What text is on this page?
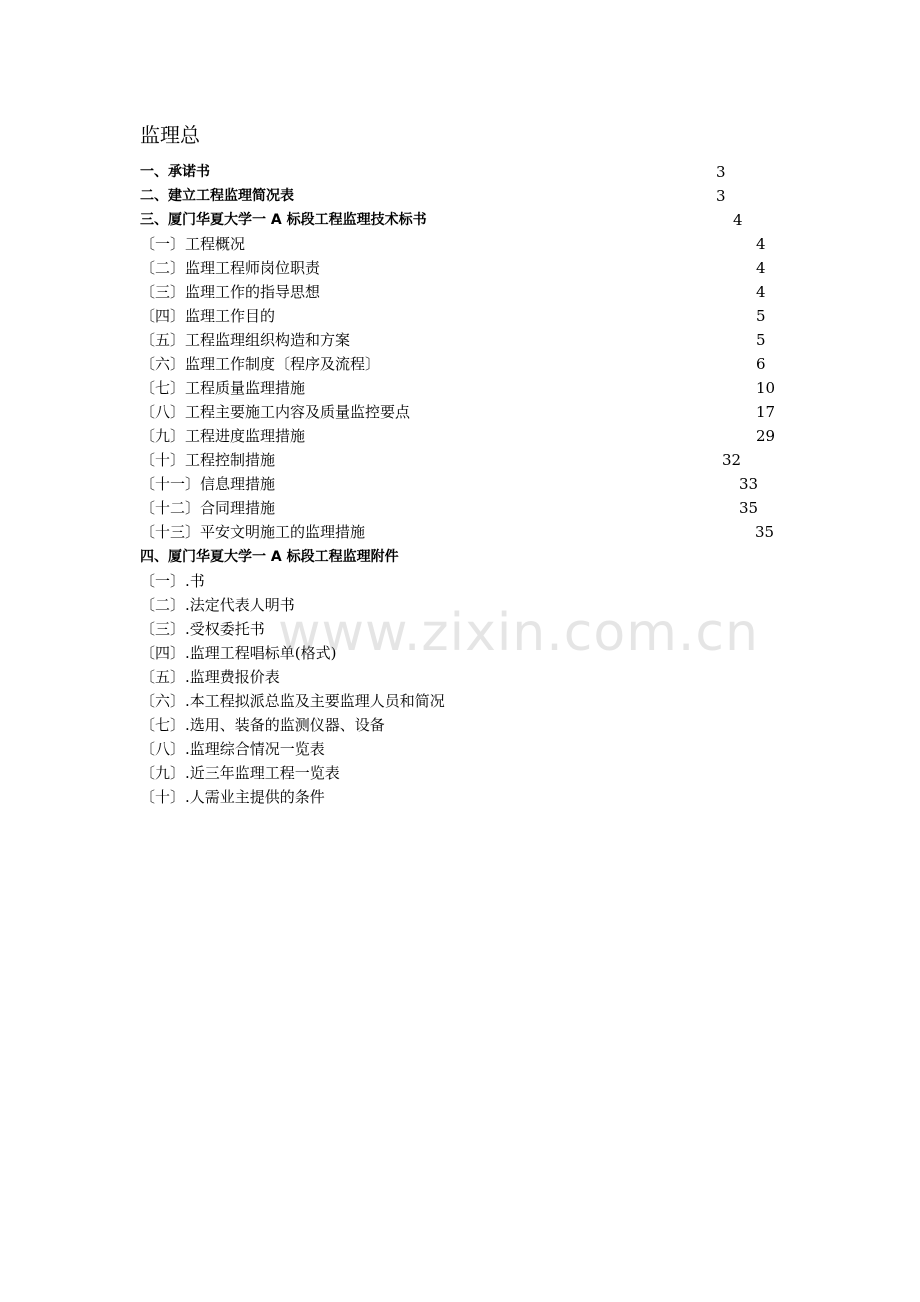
监理总
一、承诺书	3
二、建立工程监理简况表	3
三、厦门华夏大学一 A 标段工程监理技术标书	4
〔一〕工程概况	4
〔二〕监理工程师岗位职责	4
〔三〕监理工作的指导思想	4
〔四〕监理工作目的	5
〔五〕工程监理组织构造和方案	5
〔六〕监理工作制度〔程序及流程〕	6
〔七〕工程质量监理措施	10
〔八〕工程主要施工内容及质量监控要点	17
〔九〕工程进度监理措施	29
〔十〕工程控制措施	32
〔十一〕信息理措施	33
〔十二〕合同理措施	35
〔十三〕平安文明施工的监理措施	35
四、厦门华夏大学一 A 标段工程监理附件
〔一〕.书
〔二〕.法定代表人明书
〔三〕.受权委托书
〔四〕.监理工程唱标单(格式)
〔五〕.监理费报价表
〔六〕.本工程拟派总监及主要监理人员和简况
〔七〕.选用、装备的监测仪器、设备
〔八〕.监理综合情况一览表
〔九〕.近三年监理工程一览表
〔十〕.人需业主提供的条件
www.zixin.com.cn
